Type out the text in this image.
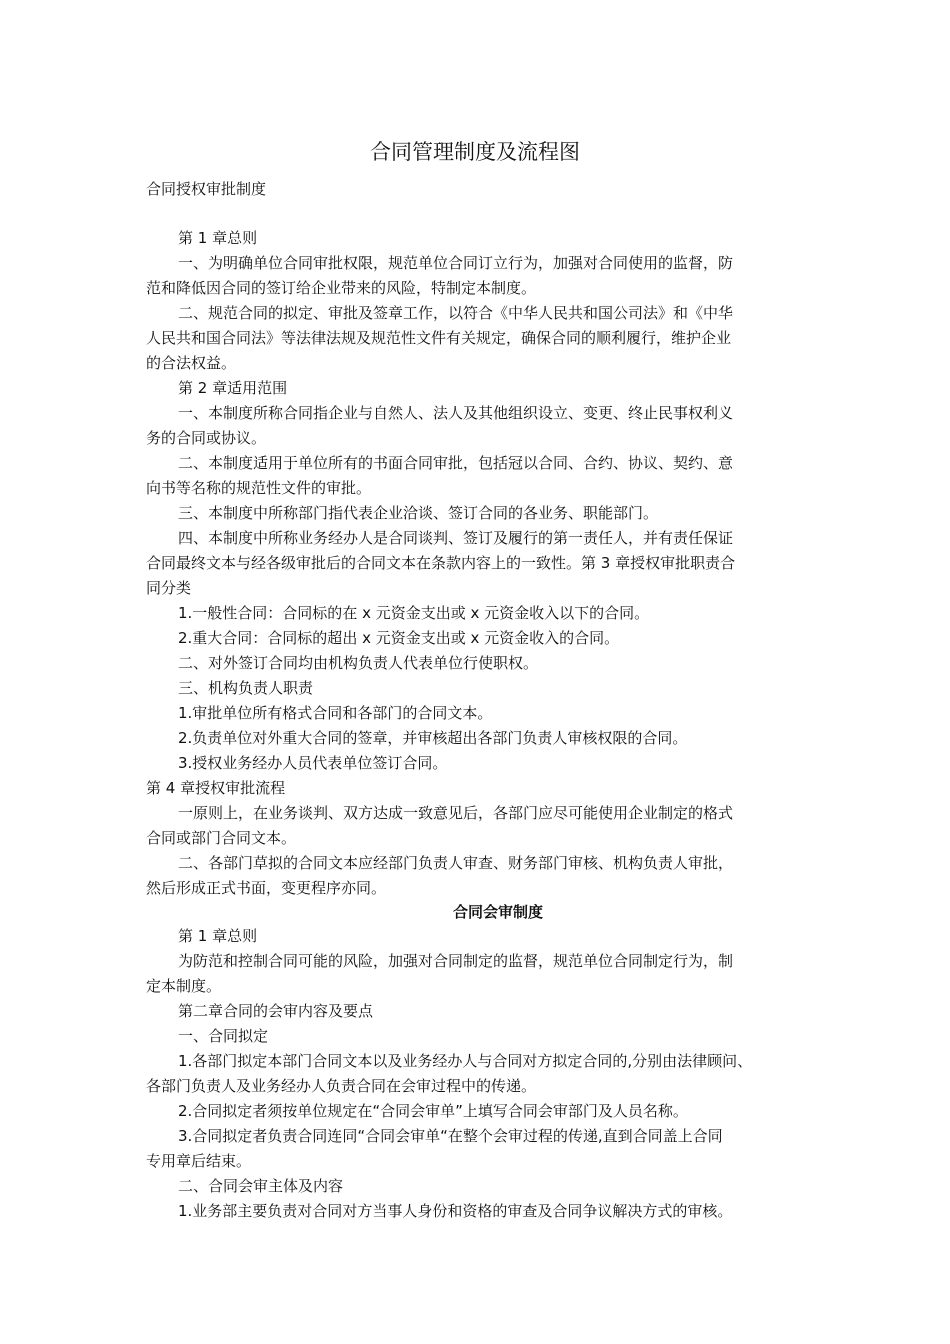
合同管理制度及流程图
合同授权审批制度
第 1 章总则
一、为明确单位合同审批权限，规范单位合同订立行为，加强对合同使用的监督，防
范和降低因合同的签订给企业带来的风险，特制定本制度。
二、规范合同的拟定、审批及签章工作，以符合《中华人民共和国公司法》和《中华
人民共和国合同法》等法律法规及规范性文件有关规定，确保合同的顺利履行，维护企业
的合法权益。
第 2 章适用范围
一、本制度所称合同指企业与自然人、法人及其他组织设立、变更、终止民事权利义
务的合同或协议。
二、本制度适用于单位所有的书面合同审批，包括冠以合同、合约、协议、契约、意
向书等名称的规范性文件的审批。
三、本制度中所称部门指代表企业洽谈、签订合同的各业务、职能部门。
四、本制度中所称业务经办人是合同谈判、签订及履行的第一责任人，并有责任保证
合同最终文本与经各级审批后的合同文本在条款内容上的一致性。第 3 章授权审批职责合
同分类
1.一般性合同：合同标的在 x 元资金支出或 x 元资金收入以下的合同。
2.重大合同：合同标的超出 x 元资金支出或 x 元资金收入的合同。
二、对外签订合同均由机构负责人代表单位行使职权。
三、机构负责人职责
1.审批单位所有格式合同和各部门的合同文本。
2.负责单位对外重大合同的签章，并审核超出各部门负责人审核权限的合同。
3.授权业务经办人员代表单位签订合同。
第 4 章授权审批流程
一原则上，在业务谈判、双方达成一致意见后，各部门应尽可能使用企业制定的格式
合同或部门合同文本。
二、各部门草拟的合同文本应经部门负责人审查、财务部门审核、机构负责人审批，
然后形成正式书面，变更程序亦同。
合同会审制度
第 1 章总则
为防范和控制合同可能的风险，加强对合同制定的监督，规范单位合同制定行为，制
定本制度。
第二章合同的会审内容及要点
一、合同拟定
1.各部门拟定本部门合同文本以及业务经办人与合同对方拟定合同的,分别由法律顾问、
各部门负责人及业务经办人负责合同在会审过程中的传递。
2.合同拟定者须按单位规定在“合同会审单”上填写合同会审部门及人员名称。
3.合同拟定者负责合同连同“合同会审单“在整个会审过程的传递,直到合同盖上合同
专用章后结束。
二、合同会审主体及内容
1.业务部主要负责对合同对方当事人身份和资格的审查及合同争议解决方式的审核。
